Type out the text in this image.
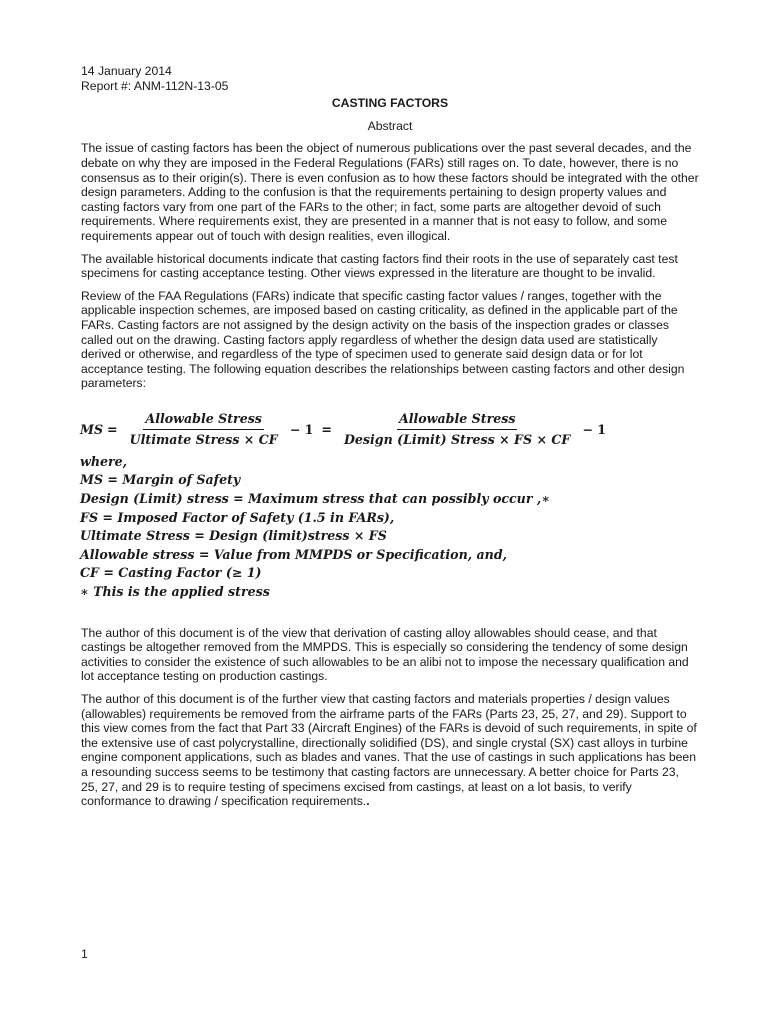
14 January 2014
Report #: ANM-112N-13-05
CASTING FACTORS
Abstract

The issue of casting factors has been the object of numerous publications over the past several decades, and the debate on why they are imposed in the Federal Regulations (FARs) still rages on. To date, however, there is no consensus as to their origin(s). There is even confusion as to how these factors should be integrated with the other design parameters. Adding to the confusion is that the requirements pertaining to design property values and casting factors vary from one part of the FARs to the other; in fact, some parts are altogether devoid of such requirements. Where requirements exist, they are presented in a manner that is not easy to follow, and some requirements appear out of touch with design realities, even illogical.

The available historical documents indicate that casting factors find their roots in the use of separately cast test specimens for casting acceptance testing. Other views expressed in the literature are thought to be invalid.

Review of the FAA Regulations (FARs) indicate that specific casting factor values / ranges, together with the applicable inspection schemes, are imposed based on casting criticality, as defined in the applicable part of the FARs. Casting factors are not assigned by the design activity on the basis of the inspection grades or classes called out on the drawing. Casting factors apply regardless of whether the design data used are statistically derived or otherwise, and regardless of the type of specimen used to generate said design data or for lot acceptance testing. The following equation describes the relationships between casting factors and other design parameters:

MS = $\frac{\text{Allowable Stress}}{\text{Ultimate Stress × CF}} - 1 = \frac{\text{Allowable Stress}}{\text{Design (Limit) Stress × FS × CF}} - 1$
where,
MS = Margin of Safety
Design (Limit) stress = Maximum stress that can possibly occur ,∗
FS = Imposed Factor of Safety (1.5 in FARs),
Ultimate Stress = Design (limit)stress × FS
Allowable stress = Value from MMPDS or Specification, and,
CF = Casting Factor (≥ 1)
∗ This is the applied stress

The author of this document is of the view that derivation of casting alloy allowables should cease, and that castings be altogether removed from the MMPDS. This is especially so considering the tendency of some design activities to consider the existence of such allowables to be an alibi not to impose the necessary qualification and lot acceptance testing on production castings.

The author of this document is of the further view that casting factors and materials properties / design values (allowables) requirements be removed from the airframe parts of the FARs (Parts 23, 25, 27, and 29). Support to this view comes from the fact that Part 33 (Aircraft Engines) of the FARs is devoid of such requirements, in spite of the extensive use of cast polycrystalline, directionally solidified (DS), and single crystal (SX) cast alloys in turbine engine component applications, such as blades and vanes. That the use of castings in such applications has been a resounding success seems to be testimony that casting factors are unnecessary. A better choice for Parts 23, 25, 27, and 29 is to require testing of specimens excised from castings, at least on a lot basis, to verify conformance to drawing / specification requirements..

1
